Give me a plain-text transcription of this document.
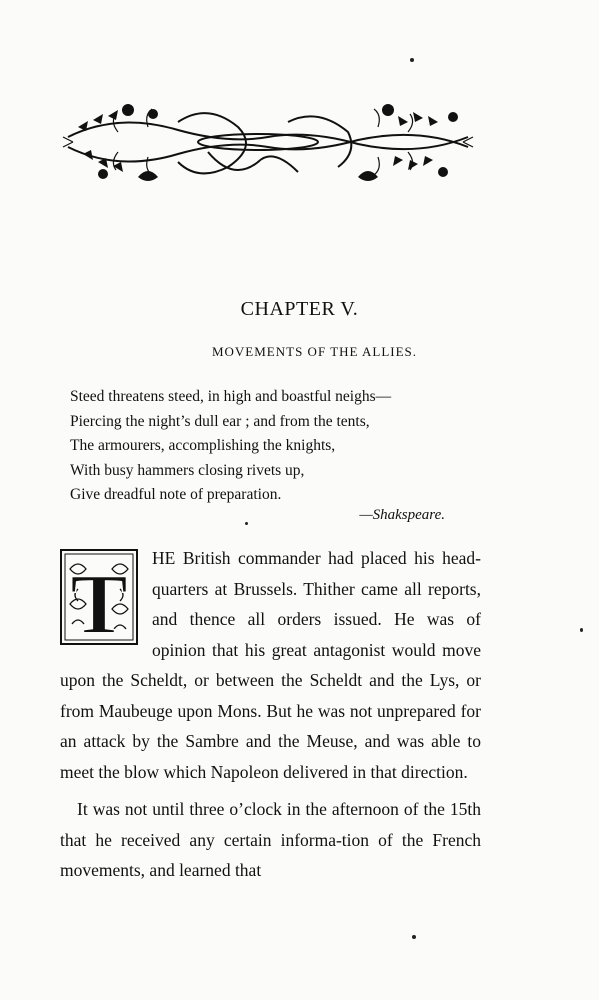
CHAPTER V.
MOVEMENTS OF THE ALLIES.
Steed threatens steed, in high and boastful neighs—
Piercing the night’s dull ear ; and from the tents,
The armourers, accomplishing the knights,
With busy hammers closing rivets up,
Give dreadful note of preparation.
—Shakspeare.
T	HE British commander had placed his head-quarters at Brussels. Thither came all reports, and thence all orders issued. He was of opinion that his great antagonist would move upon the Scheldt, or between the Scheldt and the Lys, or from Maubeuge upon Mons. But he was not unprepared for an attack by the Sambre and the Meuse, and was able to meet the blow which Napoleon delivered in that direction.

It was not until three o’clock in the afternoon of the 15th that he received any certain informa-tion of the French movements, and learned that
